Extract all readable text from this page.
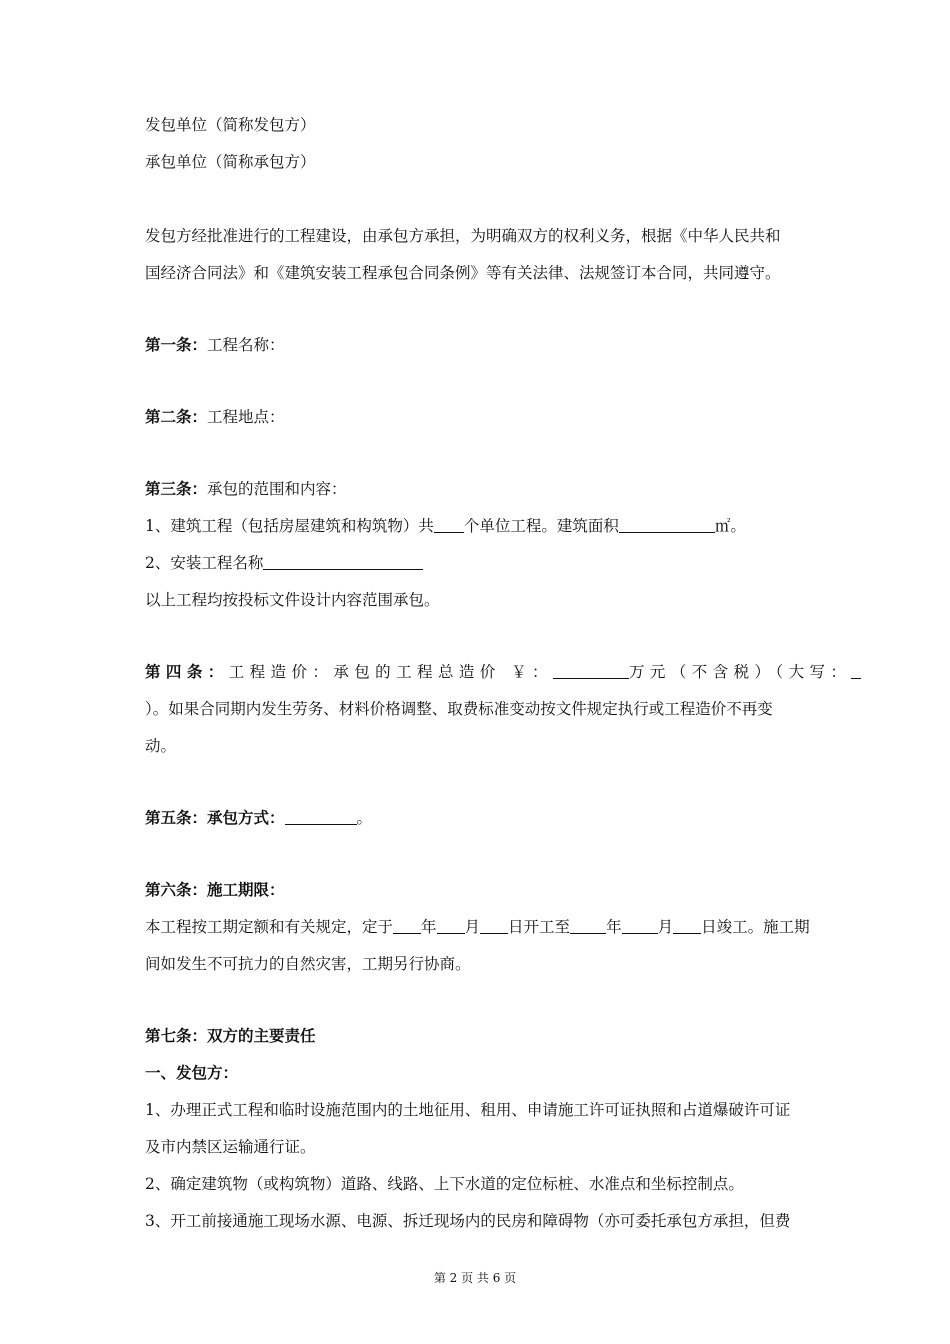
发包单位（简称发包方）
承包单位（简称承包方）
发包方经批准进行的工程建设，由承包方承担，为明确双方的权利义务，根据《中华人民共和
国经济合同法》和《建筑安装工程承包合同条例》等有关法律、法规签订本合同，共同遵守。
第一条：工程名称：
第二条：工程地点：
第三条：承包的范围和内容：
1、建筑工程（包括房屋建筑和构筑物）共 个单位工程。建筑面积	㎡。
2、安装工程名称
以上工程均按投标文件设计内容范围承包。
第四条：工程造价：承包的工程总造价 ￥：	万元（不含税）（大写：
）。如果合同期内发生劳务、材料价格调整、取费标准变动按文件规定执行或工程造价不再变
动。
第五条：承包方式：	。
第六条：施工期限：
本工程按工期定额和有关规定，定于 年 月 日开工至 年 月 日竣工。施工期
间如发生不可抗力的自然灾害，工期另行协商。
第七条：双方的主要责任
一、发包方：
1、办理正式工程和临时设施范围内的土地征用、租用、申请施工许可证执照和占道爆破许可证
及市内禁区运输通行证。
2、确定建筑物（或构筑物）道路、线路、上下水道的定位标桩、水准点和坐标控制点。
3、开工前接通施工现场水源、电源、拆迁现场内的民房和障碍物（亦可委托承包方承担，但费
第 2 页 共 6 页
